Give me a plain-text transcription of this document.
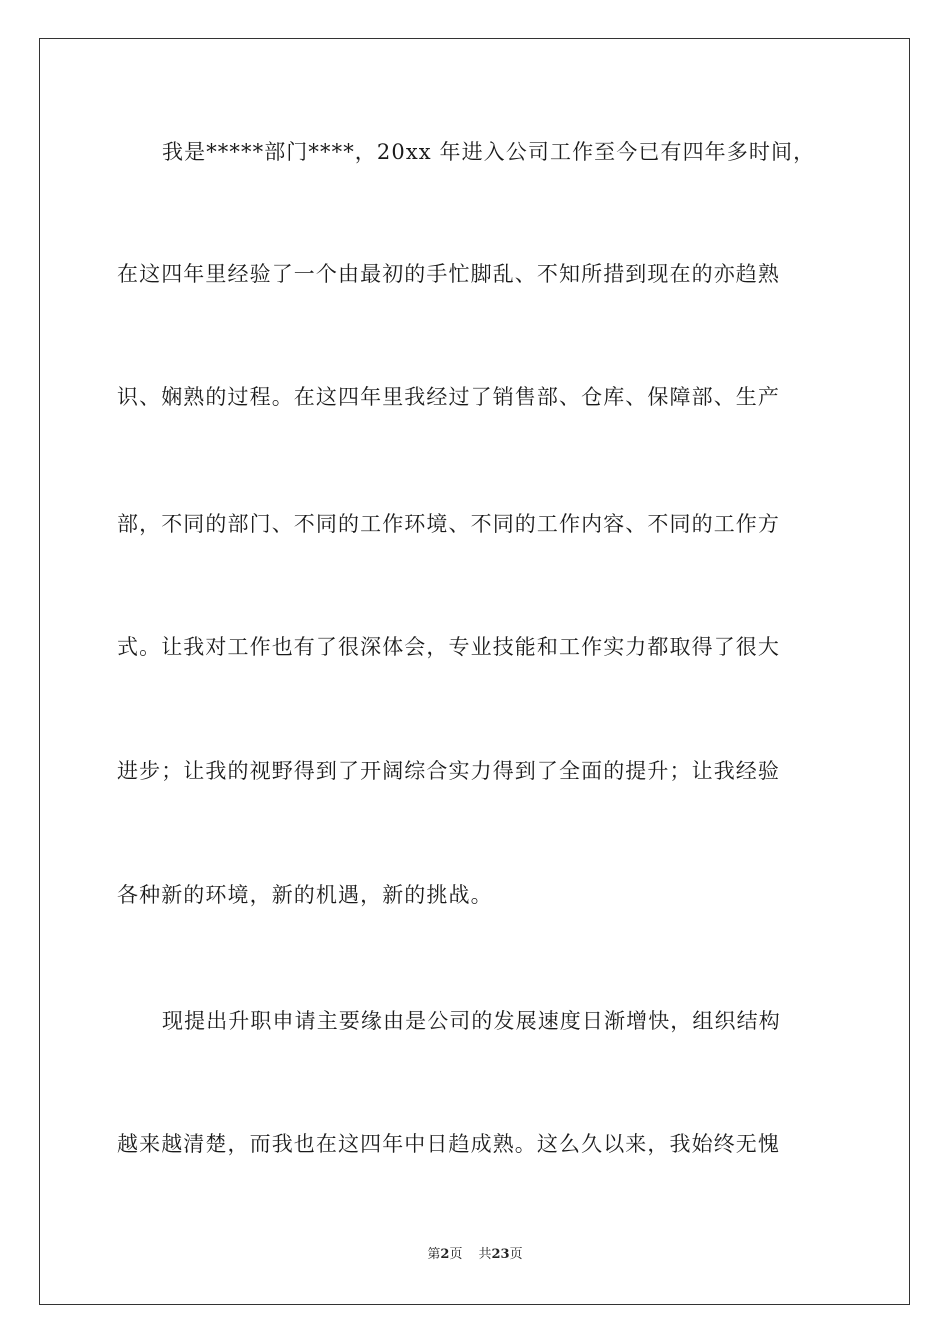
我是*****部门****，20xx 年进入公司工作至今已有四年多时间，
在这四年里经验了一个由最初的手忙脚乱、不知所措到现在的亦趋熟
识、娴熟的过程。在这四年里我经过了销售部、仓库、保障部、生产
部，不同的部门、不同的工作环境、不同的工作内容、不同的工作方
式。让我对工作也有了很深体会，专业技能和工作实力都取得了很大
进步；让我的视野得到了开阔综合实力得到了全面的提升；让我经验
各种新的环境，新的机遇，新的挑战。
现提出升职申请主要缘由是公司的发展速度日渐增快，组织结构
越来越清楚，而我也在这四年中日趋成熟。这么久以来，我始终无愧
第2页 共23页
